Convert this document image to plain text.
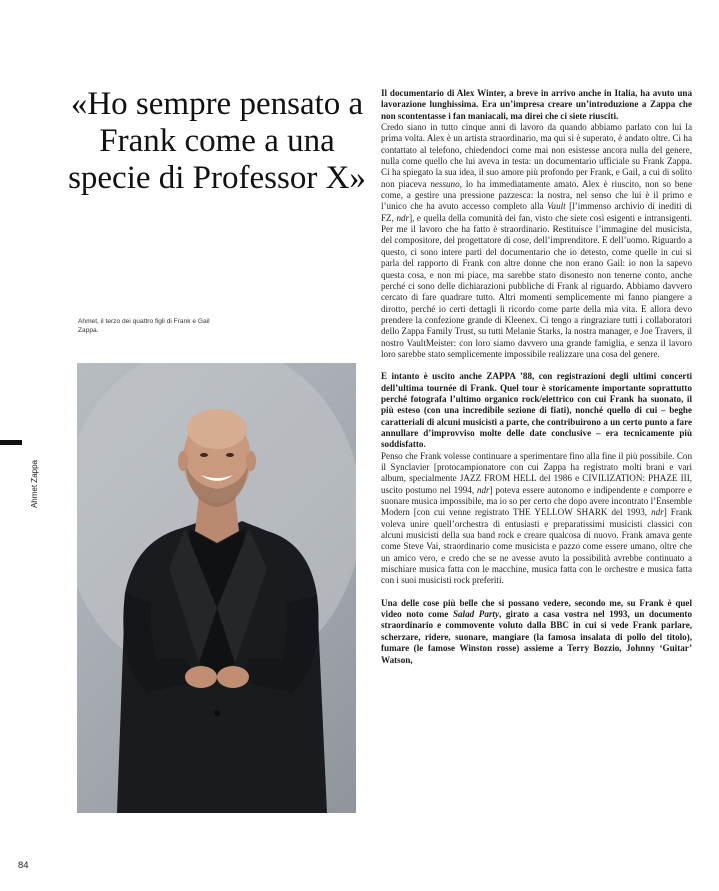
«Ho sempre pensato a Frank come a una specie di Professor X»
Ahmet, il terzo dei quattro figli di Frank e Gail Zappa.
Ahmet Zappa
84

Il documentario di Alex Winter, a breve in arrivo anche in Italia, ha avuto una lavorazione lunghissima. Era un’impresa creare un’introduzione a Zappa che non scontentasse i fan maniacali, ma direi che ci siete riusciti.

Credo siano in tutto cinque anni di lavoro da quando abbiamo parlato con lui la prima volta. Alex è un artista straordinario, ma qui si è superato, è andato oltre. Ci ha contattato al telefono, chiedendoci come mai non esistesse ancora nulla del genere, nulla come quello che lui aveva in testa: un documentario ufficiale su Frank Zappa. Ci ha spiegato la sua idea, il suo amore più profondo per Frank, e Gail, a cui di solito non piaceva nessuno, lo ha immediatamente amato. Alex è riuscito, non so bene come, a gestire una pressione pazzesca: la nostra, nel senso che lui è il primo e l’unico che ha avuto accesso completo alla Vault [l’immenso archivio di inediti di FZ, ndr], e quella della comunità dei fan, visto che siete così esigenti e intransigenti. Per me il lavoro che ha fatto è straordinario. Restituisce l’immagine del musicista, del compositore, del progettatore di cose, dell’imprenditore. E dell’uomo. Riguardo a questo, ci sono intere parti del documentario che io detesto, come quelle in cui si parla del rapporto di Frank con altre donne che non erano Gail: io non la sapevo questa cosa, e non mi piace, ma sarebbe stato disonesto non tenerne conto, anche perché ci sono delle dichiarazioni pubbliche di Frank al riguardo. Abbiamo davvero cercato di fare quadrare tutto. Altri momenti semplicemente mi fanno piangere a dirotto, perché io certi dettagli li ricordo come parte della mia vita. E allora devo prendere la confezione grande di Kleenex. Ci tengo a ringraziare tutti i collaboratori dello Zappa Family Trust, su tutti Melanie Starks, la nostra manager, e Joe Travers, il nostro VaultMeister: con loro siamo davvero una grande famiglia, e senza il lavoro loro sarebbe stato semplicemente impossibile realizzare una cosa del genere.

E intanto è uscito anche ZAPPA ’88, con registrazioni degli ultimi concerti dell’ultima tournée di Frank. Quel tour è storicamente importante soprattutto perché fotografa l’ultimo organico rock/elettrico con cui Frank ha suonato, il più esteso (con una incredibile sezione di fiati), nonché quello di cui – beghe caratteriali di alcuni musicisti a parte, che contribuirono a un certo punto a fare annullare d’improvviso molte delle date conclusive – era tecnicamente più soddisfatto.

Penso che Frank volesse continuare a sperimentare fino alla fine il più possibile. Con il Synclavier [protocampionatore con cui Zappa ha registrato molti brani e vari album, specialmente JAZZ FROM HELL del 1986 e CIVILIZATION: PHAZE III, uscito postumo nel 1994, ndr] poteva essere autonomo e indipendente e comporre e suonare musica impossibile, ma io so per certo che dopo avere incontrato l’Ensemble Modern [con cui venne registrato THE YELLOW SHARK del 1993, ndr] Frank voleva unire quell’orchestra di entusiasti e preparatissimi musicisti classici con alcuni musicisti della sua band rock e creare qualcosa di nuovo. Frank amava gente come Steve Vai, straordinario come musicista e pazzo come essere umano, oltre che un amico vero, e credo che se ne avesse avuto la possibilità avrebbe continuato a mischiare musica fatta con le macchine, musica fatta con le orchestre e musica fatta con i suoi musicisti rock preferiti.

Una delle cose più belle che si possano vedere, secondo me, su Frank è quel video noto come Salad Party, girato a casa vostra nel 1993, un documento straordinario e commovente voluto dalla BBC in cui si vede Frank parlare, scherzare, ridere, suonare, mangiare (la famosa insalata di pollo del titolo), fumare (le famose Winston rosse) assieme a Terry Bozzio, Johnny ‘Guitar’ Watson,
